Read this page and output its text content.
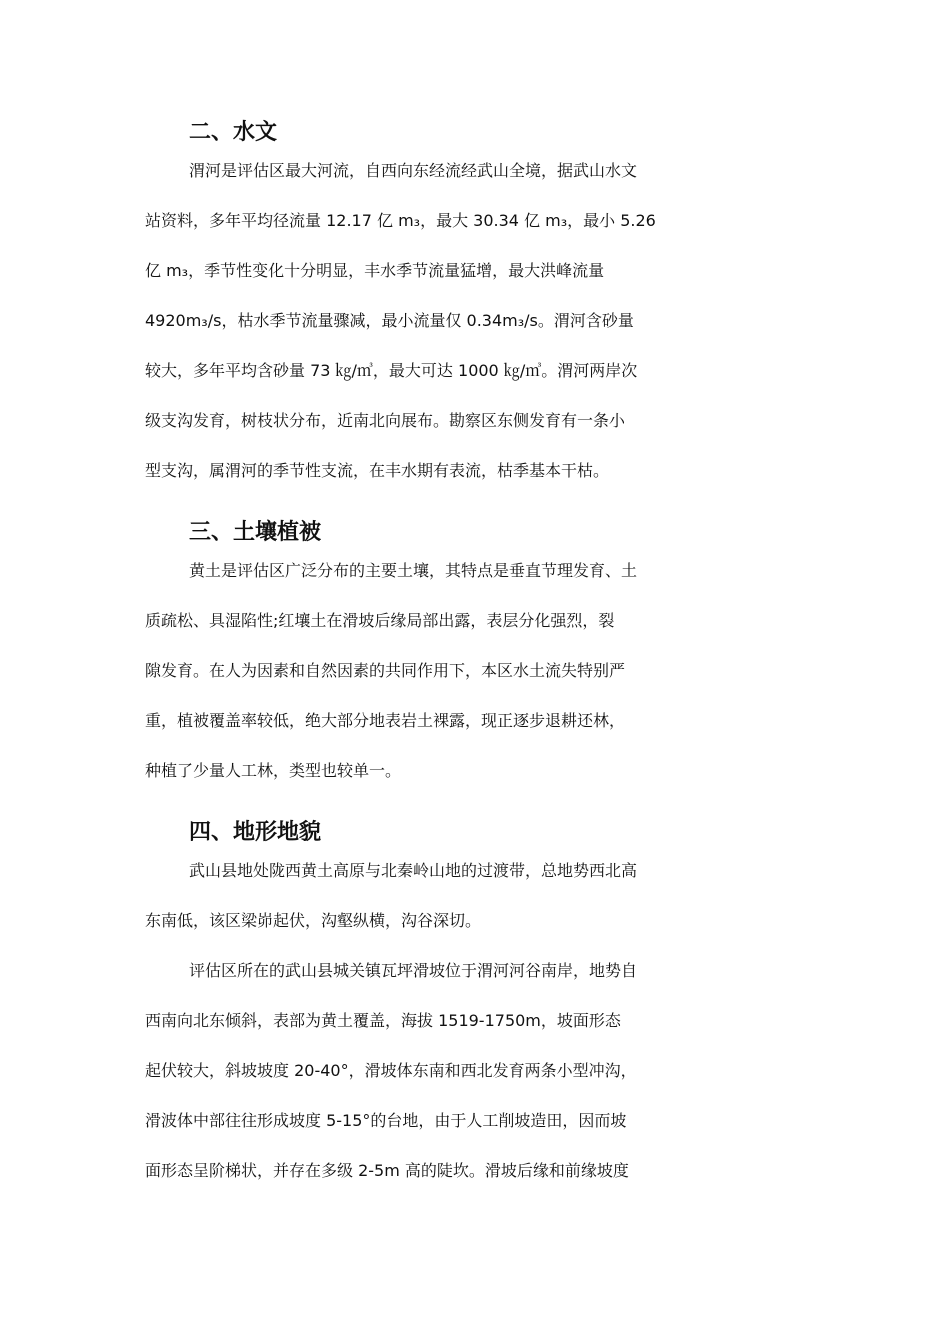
二、水文
渭河是评估区最大河流，自西向东经流经武山全境，据武山水文
站资料，多年平均径流量 12.17 亿 m₃，最大 30.34 亿 m₃，最小 5.26
亿 m₃，季节性变化十分明显，丰水季节流量猛增，最大洪峰流量
4920m₃/s，枯水季节流量骤减，最小流量仅 0.34m₃/s。渭河含砂量
较大，多年平均含砂量 73 ㎏/㎥，最大可达 1000 ㎏/㎥。渭河两岸次
级支沟发育，树枝状分布，近南北向展布。勘察区东侧发育有一条小
型支沟，属渭河的季节性支流，在丰水期有表流，枯季基本干枯。
三、土壤植被
黄土是评估区广泛分布的主要土壤，其特点是垂直节理发育、土
质疏松、具湿陷性;红壤土在滑坡后缘局部出露，表层分化强烈，裂
隙发育。在人为因素和自然因素的共同作用下，本区水土流失特别严
重，植被覆盖率较低，绝大部分地表岩土裸露，现正逐步退耕还林，
种植了少量人工林，类型也较单一。
四、地形地貌
武山县地处陇西黄土高原与北秦岭山地的过渡带，总地势西北高
东南低，该区梁峁起伏，沟壑纵横，沟谷深切。
评估区所在的武山县城关镇瓦坪滑坡位于渭河河谷南岸，地势自
西南向北东倾斜，表部为黄土覆盖，海拔 1519-1750m，坡面形态
起伏较大，斜坡坡度 20-40°，滑坡体东南和西北发育两条小型冲沟，
滑波体中部往往形成坡度 5-15°的台地，由于人工削坡造田，因而坡
面形态呈阶梯状，并存在多级 2-5m 高的陡坎。滑坡后缘和前缘坡度
